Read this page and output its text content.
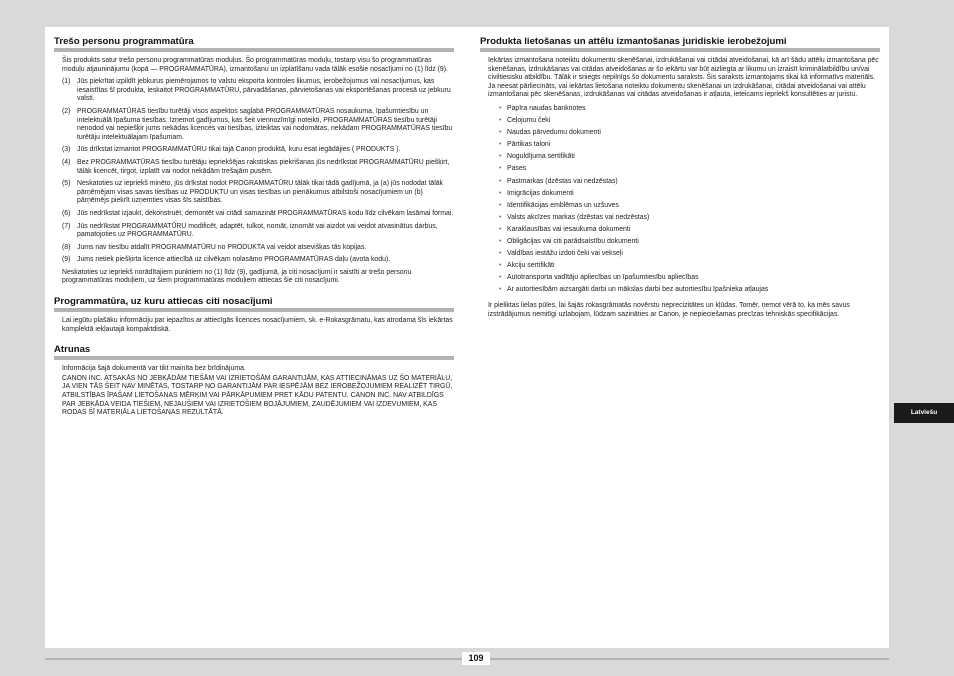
Trešo personu programmatūra
Šis produkts satur trešo personu programmatūras moduļus. Šo programmatūras moduļu, tostarp visu šo programmatūras moduļu atjauninājumu (kopā — PROGRAMMATŪRA), izmantošanu un izplatīšanu vada tālāk esošie nosacījumi no (1) līdz (9).
(1) Jūs piekrītat izpildīt jebkurus piemērojamos to valstu eksporta kontroles likumus, ierobežojumus vai nosacījumus, kas iesaistītas šī produkta, ieskaitot PROGRAMMATŪRU, pārvadāšanas, pārvietošanas vai eksportēšanas procesā uz jebkuru valsti.
(2) PROGRAMMATŪRAS tiesību turētāji visos aspektos saglabā PROGRAMMATŪRAS nosaukuma, īpašumtiesību un intelektuālā īpašuma tiesības. Izņemot gadījumus, kas šeit viennozīmīgi noteikti, PROGRAMMATŪRAS tiesību turētāji nenodod vai nepiešķir jums nekādas licences vai tiesības, izteiktas vai nodomātas, nekādam PROGRAMMATŪRAS tiesību turētāju intelektuālajam īpašumam.
(3) Jūs drīkstat izmantot PROGRAMMATŪRU tikai tajā Canon produktā, kuru esat iegādājies ( PRODUKTS ).
(4) Bez PROGRAMMATŪRAS tiesību turētāju iepriekšējas rakstiskas piekrišanas jūs nedrīkstat PROGRAMMATŪRU piešķirt, tālāk licencēt, tirgot, izplatīt vai nodot nekādām trešajām pusēm.
(5) Neskatoties uz iepriekš minēto, jūs drīkstat nodot PROGRAMMATŪRU tālāk tikai tādā gadījumā, ja (a) jūs nododat tālāk pārņēmējam visas savas tiesības uz PRODUKTU un visas tiesības un pienākumus atbilstoši nosacījumiem un (b) pārņēmējs piekrīt uzņemties visas šīs saistības.
(6) Jūs nedrīkstat izjaukt, dekonstruēt, demontēt vai citādi samazināt PROGRAMMATŪRAS kodu līdz cilvēkam lasāmai formai.
(7) Jūs nedrīkstat PROGRAMMATŪRU modificēt, adaptēt, tulkot, nomāt, iznomāt vai aizdot vai veidot atvasinātus darbus, pamatojoties uz PROGRAMMATŪRU.
(8) Jums nav tiesību atdalīt PROGRAMMATŪRU no PRODUKTA vai veidot atsevišķas tās kopijas.
(9) Jums netiek piešķirta licence attiecībā uz cilvēkam nolasāmo PROGRAMMATŪRAS daļu (avota kodu).
Neskatoties uz iepriekš norādītajiem punktiem no (1) līdz (9), gadījumā, ja citi nosacījumi ir saistīti ar trešo personu programmatūras moduļiem, uz šiem programmatūras moduļiem attiecas šie citi nosacījumi.
Programmatūra, uz kuru attiecas citi nosacījumi
Lai iegūtu plašāku informāciju par iepazītos ar attiecīgās licences nosacījumiem, sk. e-Rokasgrāmatu, kas atrodama šīs iekārtas komplektā iekļautajā kompaktdiskā.
Atrunas
Informācija šajā dokumentā var tikt mainīta bez brīdinājuma.
CANON INC. ATSAKĀS NO JEBKĀDĀM TIEŠĀM VAI IZRIETOŠĀM GARANTIJĀM, KAS ATTIECINĀMAS UZ ŠO MATERIĀLU, JA VIEN TĀS ŠEIT NAV MINĒTAS, TOSTARP NO GARANTIJĀM PAR IESPĒJĀM BEZ IEROBEŽOJUMIEM REALIZĒT TIRGŪ, ATBILSTĪBAS ĪPAŠAM LIETOŠANAS MĒRĶIM VAI PĀRKĀPUMIEM PRET KĀDU PATENTU. CANON INC. NAV ATBILDĪGS PAR JEBKĀDA VEIDA TIEŠIEM, NEJAUŠIEM VAI IZRIETOŠIEM BOJĀJUMIEM, ZAUDĒJUMIEM VAI IZDEVUMIEM, KAS RODAS ŠĪ MATERIĀLA LIETOŠANAS REZULTĀTĀ.
Produkta lietošanas un attēlu izmantošanas juridiskie ierobežojumi
Iekārtas izmantošana noteiktu dokumentu skenēšanai, izdrukāšanai vai citādai atveidošanai, kā arī šādu attēlu izmantošana pēc skenēšanas, izdrukāšanas vai citādas atveidošanas ar šo iekārtu var būt aizliegta ar likumu un izraisīt kriminālatbildību un/vai civiltiesisku atbildību. Tālāk ir sniegts nepilnīgs šo dokumentu saraksts. Šis saraksts izmantojams tikai kā informatīvs materiāls. Ja neesat pārliecināts, vai iekārtas lietošana noteiktu dokumentu skenēšanai un izdrukāšanai, citādai atveidošanai vai attēlu izmantošanai pēc skenēšanas, izdrukāšanas vai citādas atveidošanas ir atļauta, ieteicams iepriekš konsultēties ar juristu.
• Papīra naudas banknotes
• Ceļojumu čeki
• Naudas pārvedumu dokumenti
• Pārtikas taloni
• Noguldījuma sertifikāti
• Pases
• Pastmarkas (dzēstas vai nedzēstas)
• Imigrācijas dokumenti
• Identifikācijas emblēmas un uzšuves
• Valsts akcīzes markas (dzēstas vai nedzēstas)
• Karaklausības vai iesaukuma dokumenti
• Obligācijas vai citi parādsaistību dokumenti
• Valdības iestāžu izdoti čeki vai vekseļi
• Akciju sertifikāti
• Autotransporta vadītāju apliecības un īpašumtiesību apliecības
• Ar autortiesībām aizsargāti darbi un mākslas darbi bez autortiesību īpašnieka atļaujas
Ir pieliktas lielas pūles, lai šajās rokasgrāmatās novērstu neprecizitātes un kļūdas. Tomēr, ņemot vērā to, ka mēs savus izstrādājumus nemitīgi uzlabojam, lūdzam sazināties ar Canon, je nepieciešamas precīzas tehniskās specifikācijas.
Latviešu
109
